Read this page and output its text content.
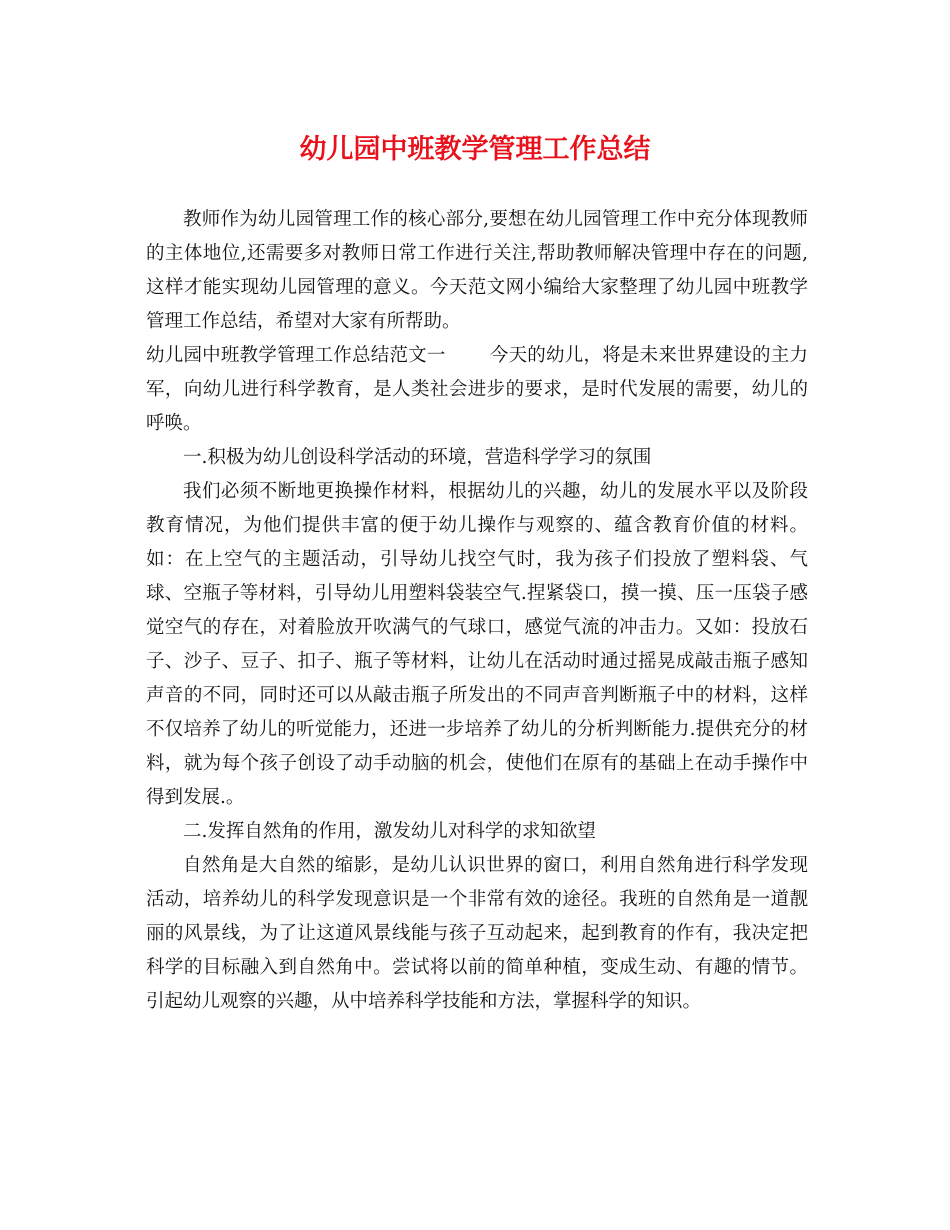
幼儿园中班教学管理工作总结

教师作为幼儿园管理工作的核心部分,要想在幼儿园管理工作中充分体现教师的主体地位,还需要多对教师日常工作进行关注,帮助教师解决管理中存在的问题,这样才能实现幼儿园管理的意义。今天范文网小编给大家整理了幼儿园中班教学管理工作总结，希望对大家有所帮助。

幼儿园中班教学管理工作总结范文一 今天的幼儿，将是未来世界建设的主力军，向幼儿进行科学教育，是人类社会进步的要求，是时代发展的需要，幼儿的呼唤。

一.积极为幼儿创设科学活动的环境，营造科学学习的氛围

我们必须不断地更换操作材料，根据幼儿的兴趣，幼儿的发展水平以及阶段教育情况，为他们提供丰富的便于幼儿操作与观察的、蕴含教育价值的材料。如：在上空气的主题活动，引导幼儿找空气时，我为孩子们投放了塑料袋、气球、空瓶子等材料，引导幼儿用塑料袋装空气.捏紧袋口，摸一摸、压一压袋子感觉空气的存在，对着脸放开吹满气的气球口，感觉气流的冲击力。又如：投放石子、沙子、豆子、扣子、瓶子等材料，让幼儿在活动时通过摇晃成敲击瓶子感知声音的不同，同时还可以从敲击瓶子所发出的不同声音判断瓶子中的材料，这样不仅培养了幼儿的听觉能力，还进一步培养了幼儿的分析判断能力.提供充分的材料，就为每个孩子创设了动手动脑的机会，使他们在原有的基础上在动手操作中得到发展.。

二.发挥自然角的作用，激发幼儿对科学的求知欲望

自然角是大自然的缩影，是幼儿认识世界的窗口，利用自然角进行科学发现活动，培养幼儿的科学发现意识是一个非常有效的途径。我班的自然角是一道靓丽的风景线，为了让这道风景线能与孩子互动起来，起到教育的作有，我决定把科学的目标融入到自然角中。尝试将以前的简单种植，变成生动、有趣的情节。引起幼儿观察的兴趣，从中培养科学技能和方法，掌握科学的知识。
